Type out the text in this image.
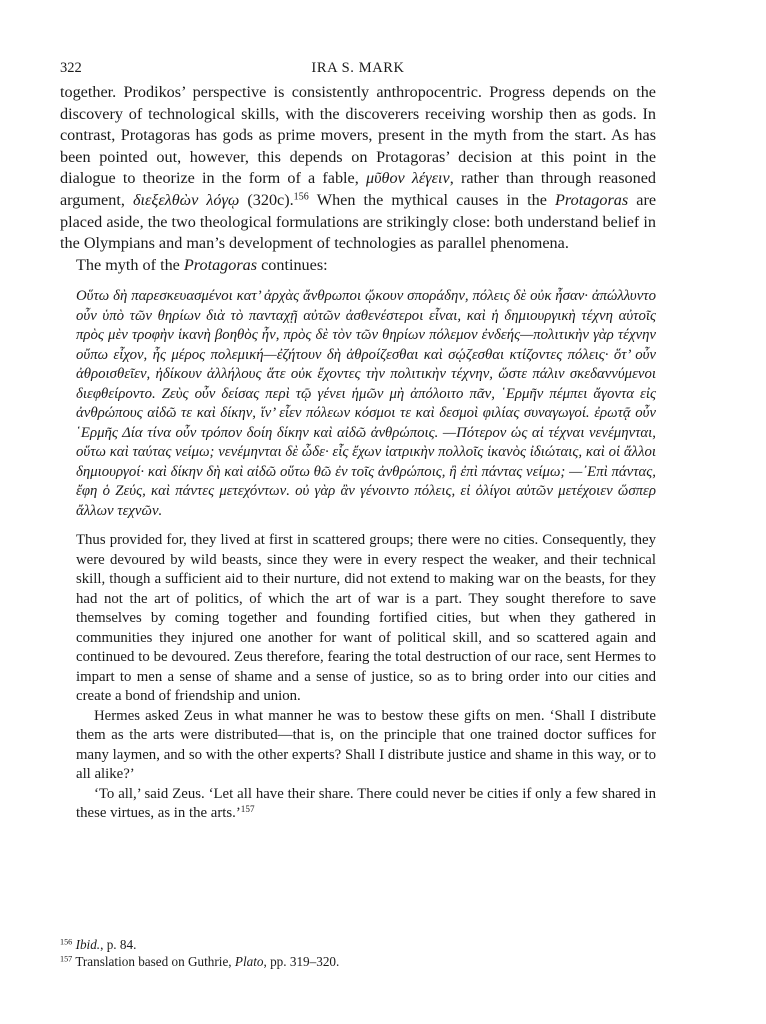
322	IRA S. MARK

together. Prodikos’ perspective is consistently anthropocentric. Progress depends on the discovery of technological skills, with the discoverers receiving worship then as gods. In contrast, Protagoras has gods as prime movers, present in the myth from the start. As has been pointed out, however, this depends on Protagoras’ decision at this point in the dialogue to theorize in the form of a fable, μῦθον λέγειν, rather than through reasoned argument, διεξελθὼν λόγῳ (320c).$^{156}$ When the mythical causes in the Protagoras are placed aside, the two theological formulations are strikingly close: both understand belief in the Olympians and man’s development of technologies as parallel phenomena.

The myth of the Protagoras continues:

Οὕτω δὴ παρεσκευασμένοι κατ’ ἀρχὰς ἄνθρωποι ᾤκουν σποράδην, πόλεις δὲ οὐκ ἦσαν· ἀπώλλυντο οὖν ὑπὸ τῶν θηρίων διὰ τὸ πανταχῇ αὐτῶν ἀσθενέστεροι εἶναι, καὶ ἡ δημιουργικὴ τέχνη αὐτοῖς πρὸς μὲν τροφὴν ἱκανὴ βοηθὸς ἦν, πρὸς δὲ τὸν τῶν θηρίων πόλεμον ἐνδεής—πολιτικὴν γὰρ τέχνην οὔπω εἶχον, ἧς μέρος πολεμική—ἐζήτουν δὴ ἀθροίζεσθαι καὶ σῴζεσθαι κτίζοντες πόλεις· ὅτ’ οὖν ἀθροισθεῖεν, ἠδίκουν ἀλλήλους ἅτε οὐκ ἔχοντες τὴν πολιτικὴν τέχνην, ὥστε πάλιν σκεδαννύμενοι διεφθείροντο. Ζεὺς οὖν δείσας περὶ τῷ γένει ἡμῶν μὴ ἀπόλοιτο πᾶν, ῾Ερμῆν πέμπει ἄγοντα εἰς ἀνθρώπους αἰδῶ τε καὶ δίκην, ἵν’ εἶεν πόλεων κόσμοι τε καὶ δεσμοὶ φιλίας συναγωγοί. ἐρωτᾷ οὖν ῾Ερμῆς Δία τίνα οὖν τρόπον δοίη δίκην καὶ αἰδῶ ἀνθρώποις. —Πότερον ὡς αἱ τέχναι νενέμηνται, οὕτω καὶ ταύτας νείμω; νενέμηνται δὲ ὧδε· εἷς ἔχων ἰατρικὴν πολλοῖς ἱκανὸς ἰδιώταις, καὶ οἱ ἄλλοι δημιουργοί· καὶ δίκην δὴ καὶ αἰδῶ οὕτω θῶ ἐν τοῖς ἀνθρώποις, ἢ ἐπὶ πάντας νείμω; —᾿Επὶ πάντας, ἔφη ὁ Ζεύς, καὶ πάντες μετεχόντων. οὐ γὰρ ἂν γένοιντο πόλεις, εἰ ὀλίγοι αὐτῶν μετέχοιεν ὥσπερ ἄλλων τεχνῶν.

Thus provided for, they lived at first in scattered groups; there were no cities. Consequently, they were devoured by wild beasts, since they were in every respect the weaker, and their technical skill, though a sufficient aid to their nurture, did not extend to making war on the beasts, for they had not the art of politics, of which the art of war is a part. They sought therefore to save themselves by coming together and founding fortified cities, but when they gathered in communities they injured one another for want of political skill, and so scattered again and continued to be devoured. Zeus therefore, fearing the total destruction of our race, sent Hermes to impart to men a sense of shame and a sense of justice, so as to bring order into our cities and create a bond of friendship and union.

Hermes asked Zeus in what manner he was to bestow these gifts on men. ‘Shall I distribute them as the arts were distributed—that is, on the principle that one trained doctor suffices for many laymen, and so with the other experts? Shall I distribute justice and shame in this way, or to all alike?’

‘To all,’ said Zeus. ‘Let all have their share. There could never be cities if only a few shared in these virtues, as in the arts.’$^{157}$

$^{156}$ Ibid., p. 84.

$^{157}$ Translation based on Guthrie, Plato, pp. 319–320.
